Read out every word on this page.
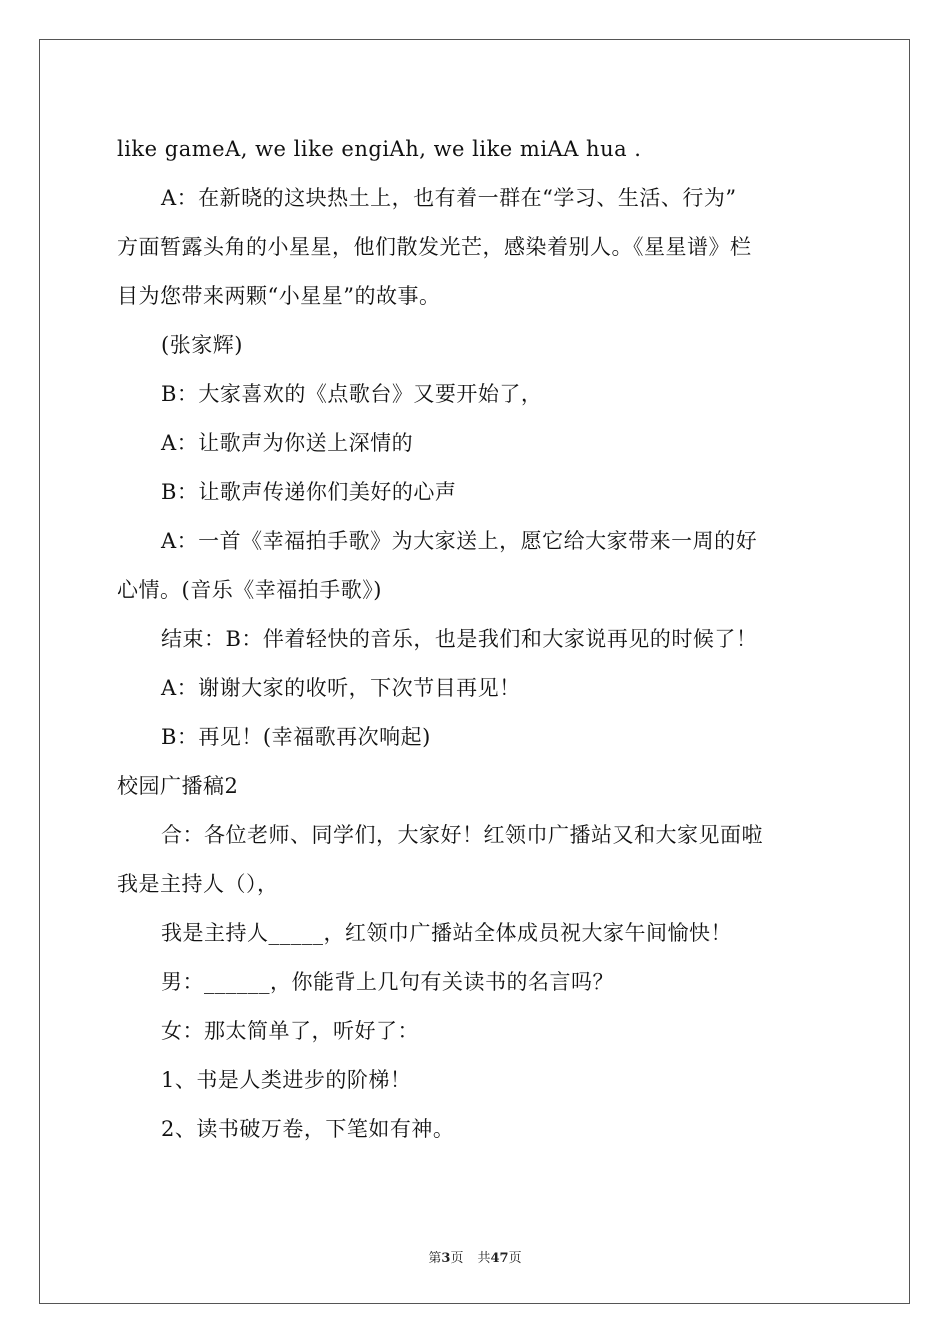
like gameA, we like engiAh, we like miAA hua .
A：在新晓的这块热土上，也有着一群在“学习、生活、行为”
方面暂露头角的小星星，他们散发光芒，感染着别人。《星星谱》栏
目为您带来两颗“小星星”的故事。
(张家辉)
B：大家喜欢的《点歌台》又要开始了，
A：让歌声为你送上深情的
B：让歌声传递你们美好的心声
A：一首《幸福拍手歌》为大家送上，愿它给大家带来一周的好
心情。(音乐《幸福拍手歌》)
结束：B：伴着轻快的音乐，也是我们和大家说再见的时候了！
A：谢谢大家的收听，下次节目再见！
B：再见！(幸福歌再次响起)
校园广播稿2
合：各位老师、同学们，大家好！红领巾广播站又和大家见面啦
我是主持人（），
我是主持人_____，红领巾广播站全体成员祝大家午间愉快！
男：______，你能背上几句有关读书的名言吗？
女：那太简单了，听好了：
1、书是人类进步的阶梯！
2、读书破万卷，下笔如有神。
第3页 共47页
